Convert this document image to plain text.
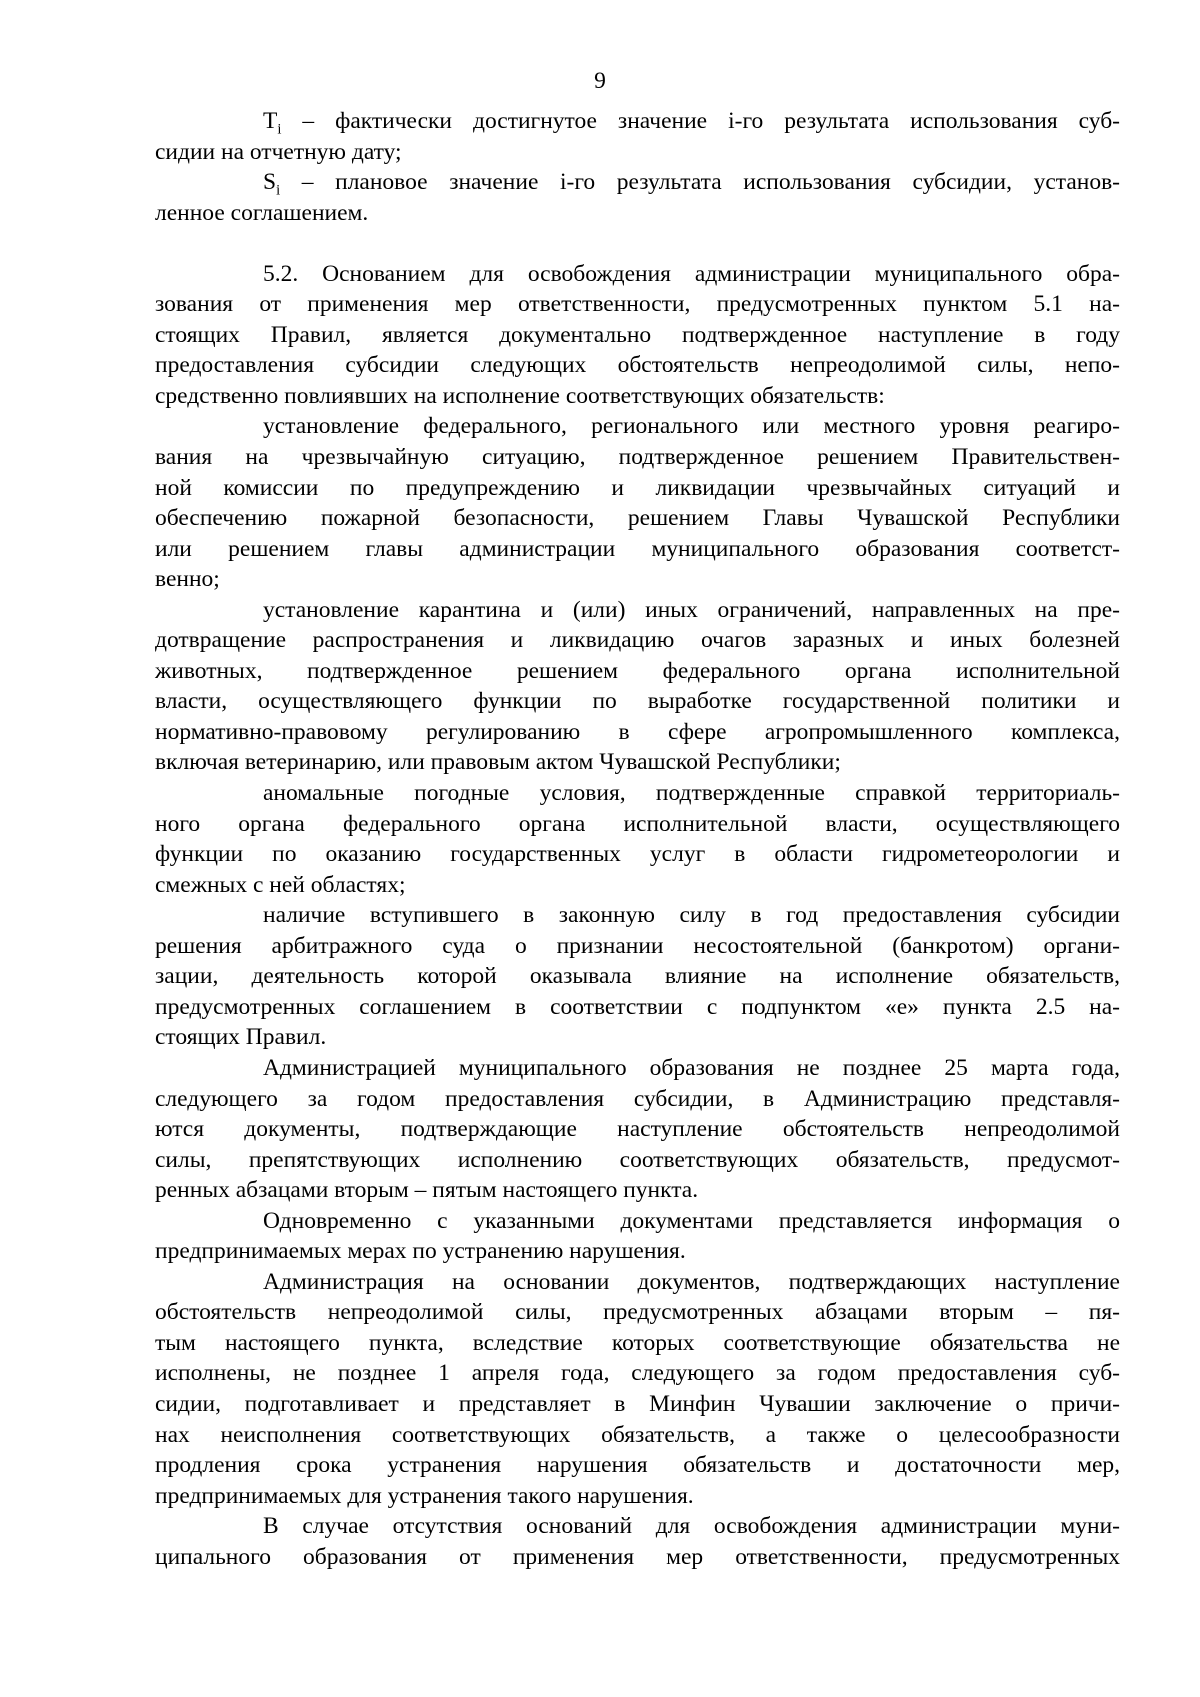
9
$T_i$ – фактически достигнутое значение i-го результата использования суб-
сидии на отчетную дату;
$S_i$ – плановое значение i-го результата использования субсидии, установ-
ленное соглашением.
5.2. Основанием для освобождения администрации муниципального обра-
зования от применения мер ответственности, предусмотренных пунктом 5.1 на-
стоящих Правил, является документально подтвержденное наступление в году
предоставления субсидии следующих обстоятельств непреодолимой силы, непо-
средственно повлиявших на исполнение соответствующих обязательств:
установление федерального, регионального или местного уровня реагиро-
вания на чрезвычайную ситуацию, подтвержденное решением Правительствен-
ной комиссии по предупреждению и ликвидации чрезвычайных ситуаций и
обеспечению пожарной безопасности, решением Главы Чувашской Республики
или решением главы администрации муниципального образования соответст-
венно;
установление карантина и (или) иных ограничений, направленных на пре-
дотвращение распространения и ликвидацию очагов заразных и иных болезней
животных, подтвержденное решением федерального органа исполнительной
власти, осуществляющего функции по выработке государственной политики и
нормативно-правовому регулированию в сфере агропромышленного комплекса,
включая ветеринарию, или правовым актом Чувашской Республики;
аномальные погодные условия, подтвержденные справкой территориаль-
ного органа федерального органа исполнительной власти, осуществляющего
функции по оказанию государственных услуг в области гидрометеорологии и
смежных с ней областях;
наличие вступившего в законную силу в год предоставления субсидии
решения арбитражного суда о признании несостоятельной (банкротом) органи-
зации, деятельность которой оказывала влияние на исполнение обязательств,
предусмотренных соглашением в соответствии с подпунктом «е» пункта 2.5 на-
стоящих Правил.
Администрацией муниципального образования не позднее 25 марта года,
следующего за годом предоставления субсидии, в Администрацию представля-
ются документы, подтверждающие наступление обстоятельств непреодолимой
силы, препятствующих исполнению соответствующих обязательств, предусмот-
ренных абзацами вторым – пятым настоящего пункта.
Одновременно с указанными документами представляется информация о
предпринимаемых мерах по устранению нарушения.
Администрация на основании документов, подтверждающих наступление
обстоятельств непреодолимой силы, предусмотренных абзацами вторым – пя-
тым настоящего пункта, вследствие которых соответствующие обязательства не
исполнены, не позднее 1 апреля года, следующего за годом предоставления суб-
сидии, подготавливает и представляет в Минфин Чувашии заключение о причи-
нах неисполнения соответствующих обязательств, а также о целесообразности
продления срока устранения нарушения обязательств и достаточности мер,
предпринимаемых для устранения такого нарушения.
В случае отсутствия оснований для освобождения администрации муни-
ципального образования от применения мер ответственности, предусмотренных
